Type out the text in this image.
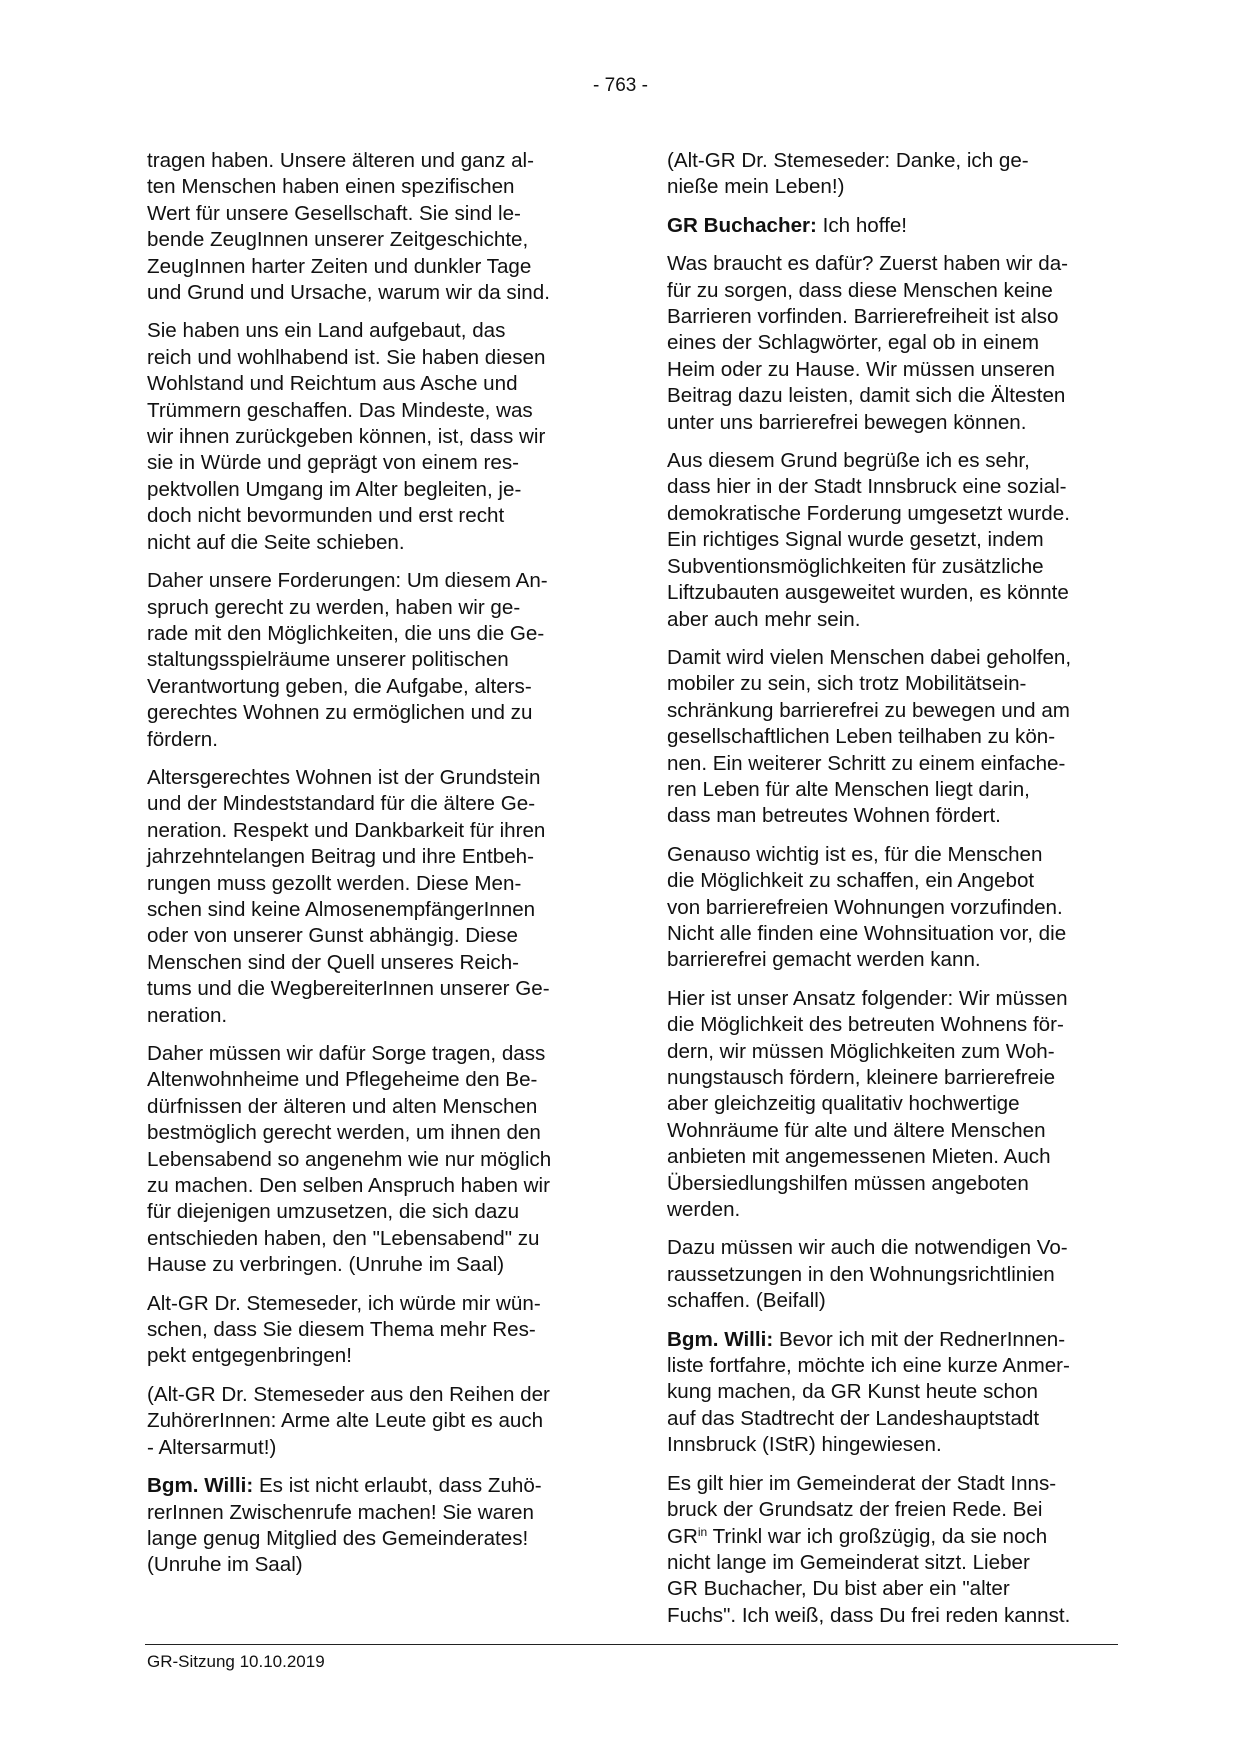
- 763 -

tragen haben. Unsere älteren und ganz al-
ten Menschen haben einen spezifischen
Wert für unsere Gesellschaft. Sie sind le-
bende ZeugInnen unserer Zeitgeschichte,
ZeugInnen harter Zeiten und dunkler Tage
und Grund und Ursache, warum wir da sind.

Sie haben uns ein Land aufgebaut, das
reich und wohlhabend ist. Sie haben diesen
Wohlstand und Reichtum aus Asche und
Trümmern geschaffen. Das Mindeste, was
wir ihnen zurückgeben können, ist, dass wir
sie in Würde und geprägt von einem res-
pektvollen Umgang im Alter begleiten, je-
doch nicht bevormunden und erst recht
nicht auf die Seite schieben.

Daher unsere Forderungen: Um diesem An-
spruch gerecht zu werden, haben wir ge-
rade mit den Möglichkeiten, die uns die Ge-
staltungsspielräume unserer politischen
Verantwortung geben, die Aufgabe, alters-
gerechtes Wohnen zu ermöglichen und zu
fördern.

Altersgerechtes Wohnen ist der Grundstein
und der Mindeststandard für die ältere Ge-
neration. Respekt und Dankbarkeit für ihren
jahrzehntelangen Beitrag und ihre Entbeh-
rungen muss gezollt werden. Diese Men-
schen sind keine AlmosenempfängerInnen
oder von unserer Gunst abhängig. Diese
Menschen sind der Quell unseres Reich-
tums und die WegbereiterInnen unserer Ge-
neration.

Daher müssen wir dafür Sorge tragen, dass
Altenwohnheime und Pflegeheime den Be-
dürfnissen der älteren und alten Menschen
bestmöglich gerecht werden, um ihnen den
Lebensabend so angenehm wie nur möglich
zu machen. Den selben Anspruch haben wir
für diejenigen umzusetzen, die sich dazu
entschieden haben, den "Lebensabend" zu
Hause zu verbringen. (Unruhe im Saal)

Alt-GR Dr. Stemeseder, ich würde mir wün-
schen, dass Sie diesem Thema mehr Res-
pekt entgegenbringen!

(Alt-GR Dr. Stemeseder aus den Reihen der
ZuhörerInnen: Arme alte Leute gibt es auch
- Altersarmut!)

Bgm. Willi: Es ist nicht erlaubt, dass Zuhö-
rerInnen Zwischenrufe machen! Sie waren
lange genug Mitglied des Gemeinderates!
(Unruhe im Saal)

(Alt-GR Dr. Stemeseder: Danke, ich ge-
nieße mein Leben!)

GR Buchacher: Ich hoffe!

Was braucht es dafür? Zuerst haben wir da-
für zu sorgen, dass diese Menschen keine
Barrieren vorfinden. Barrierefreiheit ist also
eines der Schlagwörter, egal ob in einem
Heim oder zu Hause. Wir müssen unseren
Beitrag dazu leisten, damit sich die Ältesten
unter uns barrierefrei bewegen können.

Aus diesem Grund begrüße ich es sehr,
dass hier in der Stadt Innsbruck eine sozial-
demokratische Forderung umgesetzt wurde.
Ein richtiges Signal wurde gesetzt, indem
Subventionsmöglichkeiten für zusätzliche
Liftzubauten ausgeweitet wurden, es könnte
aber auch mehr sein.

Damit wird vielen Menschen dabei geholfen,
mobiler zu sein, sich trotz Mobilitätsein-
schränkung barrierefrei zu bewegen und am
gesellschaftlichen Leben teilhaben zu kön-
nen. Ein weiterer Schritt zu einem einfache-
ren Leben für alte Menschen liegt darin,
dass man betreutes Wohnen fördert.

Genauso wichtig ist es, für die Menschen
die Möglichkeit zu schaffen, ein Angebot
von barrierefreien Wohnungen vorzufinden.
Nicht alle finden eine Wohnsituation vor, die
barrierefrei gemacht werden kann.

Hier ist unser Ansatz folgender: Wir müssen
die Möglichkeit des betreuten Wohnens för-
dern, wir müssen Möglichkeiten zum Woh-
nungstausch fördern, kleinere barrierefreie
aber gleichzeitig qualitativ hochwertige
Wohnräume für alte und ältere Menschen
anbieten mit angemessenen Mieten. Auch
Übersiedlungshilfen müssen angeboten
werden.

Dazu müssen wir auch die notwendigen Vo-
raussetzungen in den Wohnungsrichtlinien
schaffen. (Beifall)

Bgm. Willi: Bevor ich mit der RednerInnen-
liste fortfahre, möchte ich eine kurze Anmer-
kung machen, da GR Kunst heute schon
auf das Stadtrecht der Landeshauptstadt
Innsbruck (IStR) hingewiesen.

Es gilt hier im Gemeinderat der Stadt Inns-
bruck der Grundsatz der freien Rede. Bei
$GR^{in}$ Trinkl war ich großzügig, da sie noch
nicht lange im Gemeinderat sitzt. Lieber
GR Buchacher, Du bist aber ein "alter
Fuchs". Ich weiß, dass Du frei reden kannst.

GR-Sitzung 10.10.2019
